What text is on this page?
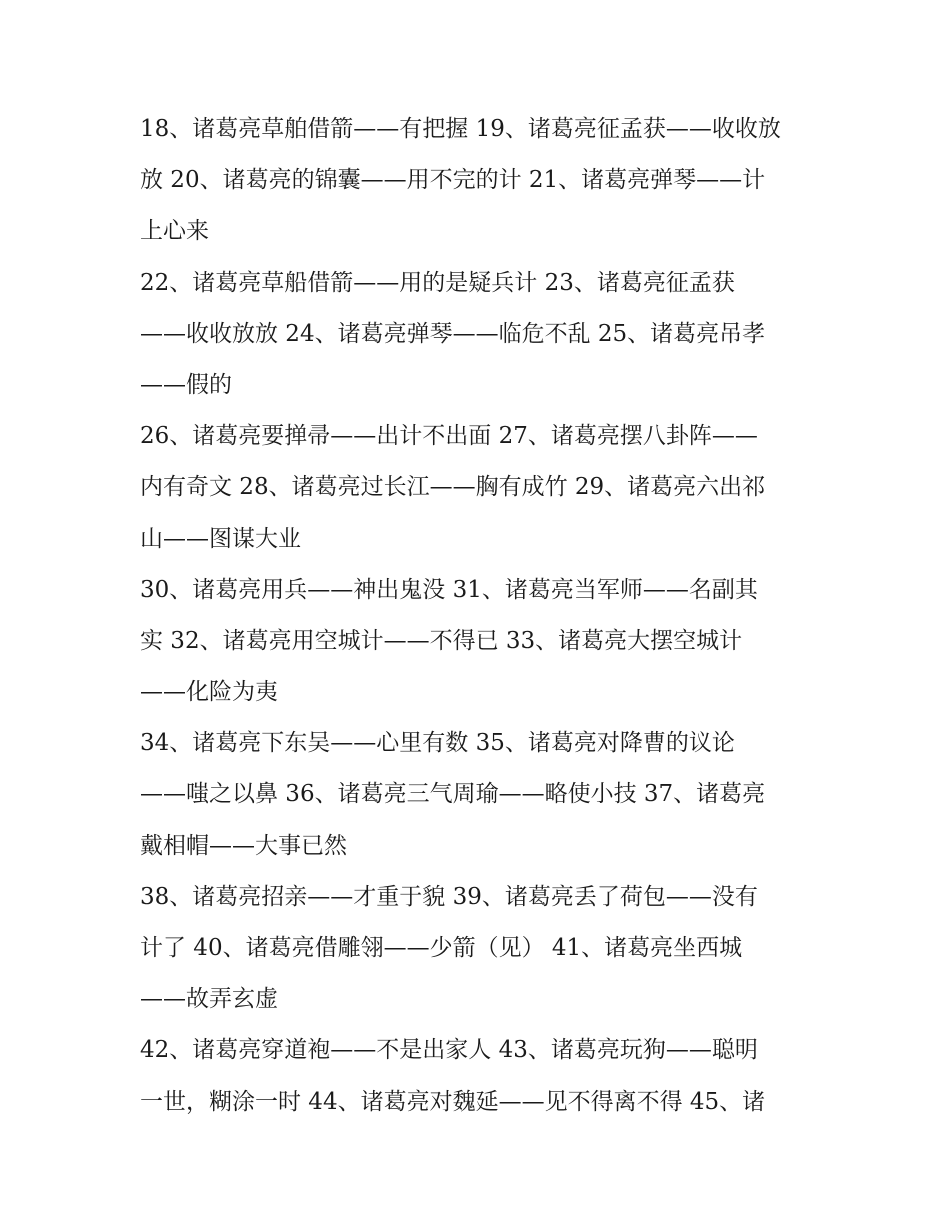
18、诸葛亮草舶借箭——有把握 19、诸葛亮征孟获——收收放
放 20、诸葛亮的锦囊——用不完的计 21、诸葛亮弹琴——计
上心来
22、诸葛亮草船借箭——用的是疑兵计 23、诸葛亮征孟获
——收收放放 24、诸葛亮弹琴——临危不乱 25、诸葛亮吊孝
——假的
26、诸葛亮要掸帚——出计不出面 27、诸葛亮摆八卦阵——
内有奇文 28、诸葛亮过长江——胸有成竹 29、诸葛亮六出祁
山——图谋大业
30、诸葛亮用兵——神出鬼没 31、诸葛亮当军师——名副其
实 32、诸葛亮用空城计——不得已 33、诸葛亮大摆空城计
——化险为夷
34、诸葛亮下东吴——心里有数 35、诸葛亮对降曹的议论
——嗤之以鼻 36、诸葛亮三气周瑜——略使小技 37、诸葛亮
戴相帽——大事已然
38、诸葛亮招亲——才重于貌 39、诸葛亮丢了荷包——没有
计了 40、诸葛亮借雕翎——少箭（见） 41、诸葛亮坐西城
——故弄玄虚
42、诸葛亮穿道袍——不是出家人 43、诸葛亮玩狗——聪明
一世，糊涂一时 44、诸葛亮对魏延——见不得离不得 45、诸
